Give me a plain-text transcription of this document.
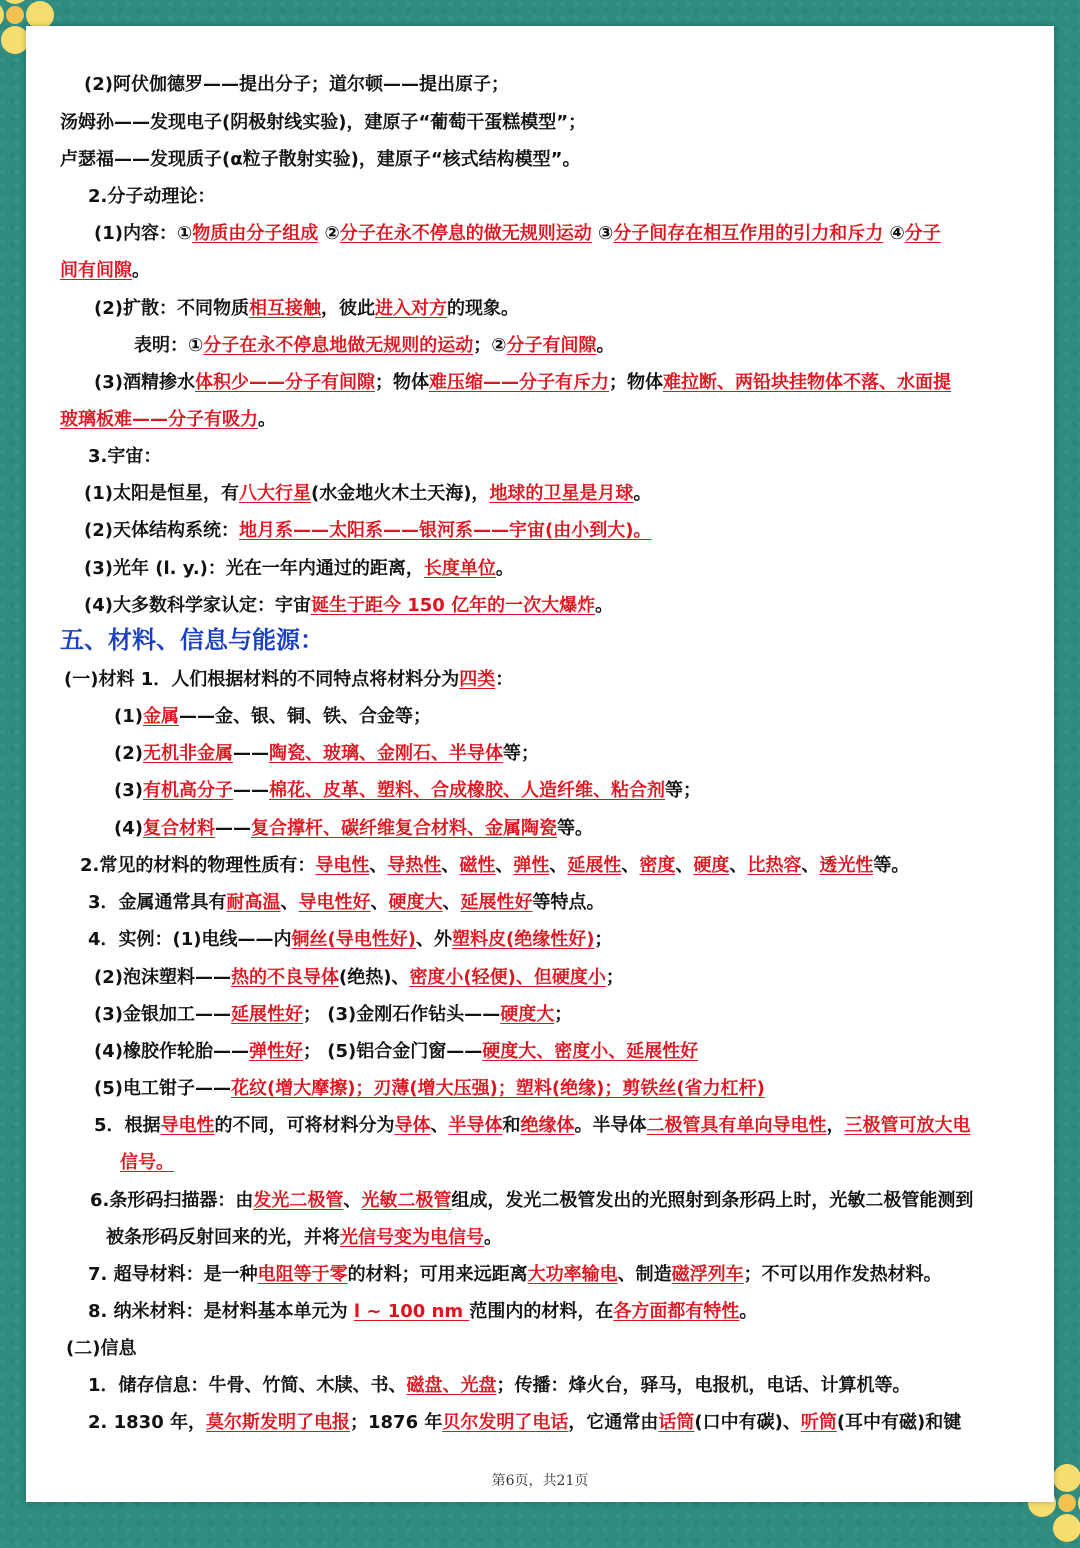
(2)阿伏伽德罗——提出分子；道尔顿——提出原子；
汤姆孙——发现电子(阴极射线实验)，建原子“葡萄干蛋糕模型”；
卢瑟福——发现质子(α粒子散射实验)，建原子“核式结构模型”。
2.分子动理论：
(1)内容：①物质由分子组成 ②分子在永不停息的做无规则运动 ③分子间存在相互作用的引力和斥力 ④分子
间有间隙。
(2)扩散：不同物质相互接触，彼此进入对方的现象。
表明：①分子在永不停息地做无规则的运动；②分子有间隙。
(3)酒精掺水体积少——分子有间隙；物体难压缩——分子有斥力；物体难拉断、两铅块挂物体不落、水面提
玻璃板难——分子有吸力。
3.宇宙：
(1)太阳是恒星，有八大行星(水金地火木土天海)，地球的卫星是月球。
(2)天体结构系统：地月系——太阳系——银河系——宇宙(由小到大)。
(3)光年 (l. y.)：光在一年内通过的距离，长度单位。
(4)大多数科学家认定：宇宙诞生于距今 150 亿年的一次大爆炸。
(一)材料 1．人们根据材料的不同特点将材料分为四类：
(1)金属——金、银、铜、铁、合金等；
(2)无机非金属——陶瓷、玻璃、金刚石、半导体等；
(3)有机高分子——棉花、皮革、塑料、合成橡胶、人造纤维、粘合剂等；
(4)复合材料——复合撑杆、碳纤维复合材料、金属陶瓷等。
2.常见的材料的物理性质有：导电性、导热性、磁性、弹性、延展性、密度、硬度、比热容、透光性等。
3．金属通常具有耐高温、导电性好、硬度大、延展性好等特点。
4．实例：(1)电线——内铜丝(导电性好)、外塑料皮(绝缘性好)；
(2)泡沫塑料——热的不良导体(绝热)、密度小(轻便)、但硬度小；
(3)金银加工——延展性好； (3)金刚石作钻头——硬度大；
(4)橡胶作轮胎——弹性好； (5)铝合金门窗——硬度大、密度小、延展性好
(5)电工钳子——花纹(增大摩擦)；刃薄(增大压强)；塑料(绝缘)；剪铁丝(省力杠杆)
5．根据导电性的不同，可将材料分为导体、半导体和绝缘体。半导体二极管具有单向导电性，三极管可放大电
信号。
6.条形码扫描器：由发光二极管、光敏二极管组成，发光二极管发出的光照射到条形码上时，光敏二极管能测到
被条形码反射回来的光，并将光信号变为电信号。
7. 超导材料：是一种电阻等于零的材料；可用来远距离大功率输电、制造磁浮列车；不可以用作发热材料。
8. 纳米材料：是材料基本单元为 l ~ 100 nm 范围内的材料，在各方面都有特性。
(二)信息
1．储存信息：牛骨、竹简、木牍、书、磁盘、光盘；传播：烽火台，驿马，电报机，电话、计算机等。
2. 1830 年，莫尔斯发明了电报；1876 年贝尔发明了电话，它通常由话筒(口中有碳)、听筒(耳中有磁)和键
五、材料、信息与能源：
第6页，共21页
